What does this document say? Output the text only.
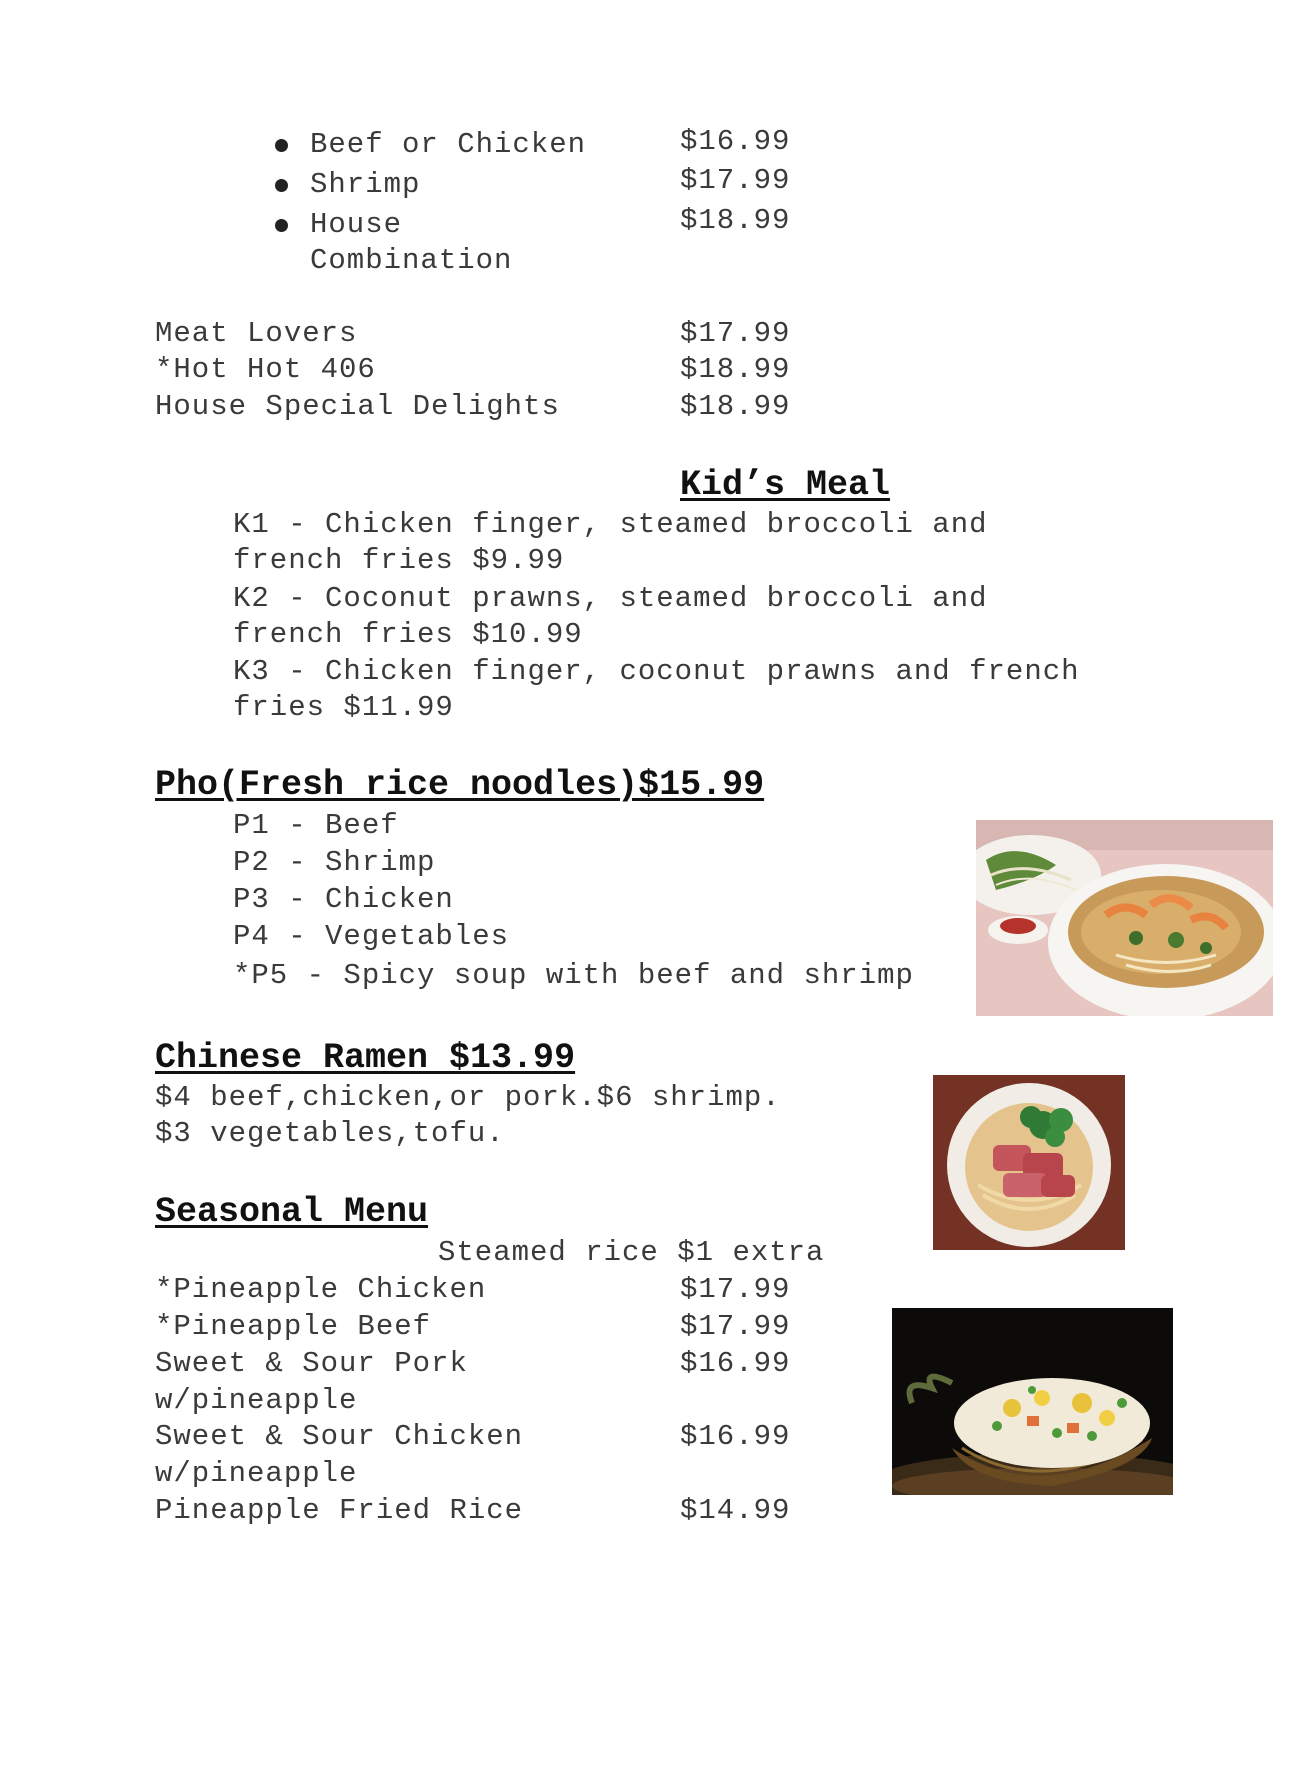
Beef or Chicken	$16.99
Shrimp	$17.99
House
Combination
$18.99
Meat Lovers	$17.99
*Hot Hot 406	$18.99
House Special Delights	$18.99
Kid’s Meal
K1 - Chicken finger, steamed broccoli and
french fries $9.99
K2 - Coconut prawns, steamed broccoli and
french fries $10.99
K3 - Chicken finger, coconut prawns and french
fries $11.99
Pho(Fresh rice noodles)$15.99
P1 - Beef
P2 - Shrimp
P3 - Chicken
P4 - Vegetables
*P5 - Spicy soup with beef and shrimp
Chinese Ramen $13.99
$4 beef,chicken,or pork.$6 shrimp.
$3 vegetables,tofu.
Seasonal Menu
Steamed rice $1 extra
*Pineapple Chicken	$17.99
*Pineapple Beef	$17.99
Sweet & Sour Pork
w/pineapple
$16.99
Sweet & Sour Chicken
w/pineapple
$16.99
Pineapple Fried Rice	$14.99
